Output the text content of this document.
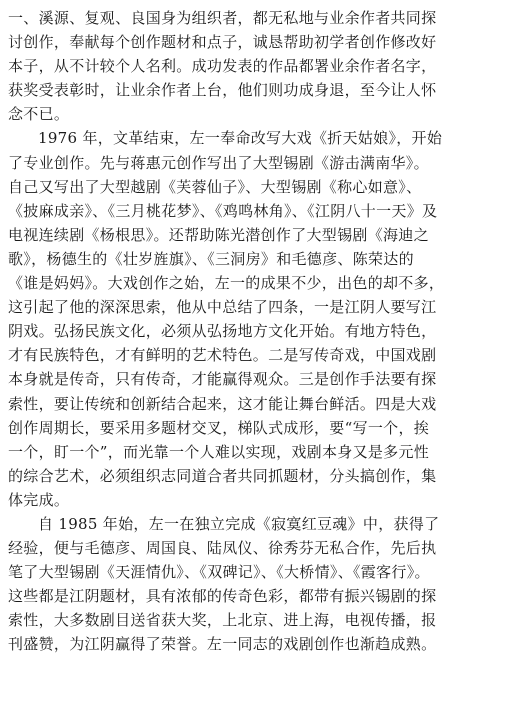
一、溪源、复观、良国身为组织者，都无私地与业余作者共同探
讨创作，奉献每个创作题材和点子，诚恳帮助初学者创作修改好
本子，从不计较个人名利。成功发表的作品都署业余作者名字，
获奖受表彰时，让业余作者上台，他们则功成身退，至今让人怀
念不已。

1976 年，文革结束，左一奉命改写大戏《折天姑娘》，开始
了专业创作。先与蒋惠元创作写出了大型锡剧《游击满南华》。
自己又写出了大型越剧《芙蓉仙子》、大型锡剧《称心如意》、
《披麻成亲》、《三月桃花梦》、《鸡鸣林角》、《江阴八十一天》及
电视连续剧《杨根思》。还帮助陈光潜创作了大型锡剧《海迪之
歌》，杨德生的《壮岁旌旗》、《三洞房》和毛德彦、陈荣达的
《谁是妈妈》。大戏创作之始，左一的成果不少，出色的却不多，
这引起了他的深深思索，他从中总结了四条，一是江阴人要写江
阴戏。弘扬民族文化，必须从弘扬地方文化开始。有地方特色，
才有民族特色，才有鲜明的艺术特色。二是写传奇戏，中国戏剧
本身就是传奇，只有传奇，才能赢得观众。三是创作手法要有探
索性，要让传统和创新结合起来，这才能让舞台鲜活。四是大戏
创作周期长，要采用多题材交叉，梯队式成形，要“写一个，挨
一个，盯一个”，而光靠一个人难以实现，戏剧本身又是多元性
的综合艺术，必须组织志同道合者共同抓题材，分头搞创作，集
体完成。

自 1985 年始，左一在独立完成《寂寞红豆魂》中，获得了
经验，便与毛德彦、周国良、陆凤仪、徐秀芬无私合作，先后执
笔了大型锡剧《天涯情仇》、《双碑记》、《大桥情》、《霞客行》。
这些都是江阴题材，具有浓郁的传奇色彩，都带有振兴锡剧的探
索性，大多数剧目送省获大奖，上北京、进上海，电视传播，报
刊盛赞，为江阴赢得了荣誉。左一同志的戏剧创作也渐趋成熟。
